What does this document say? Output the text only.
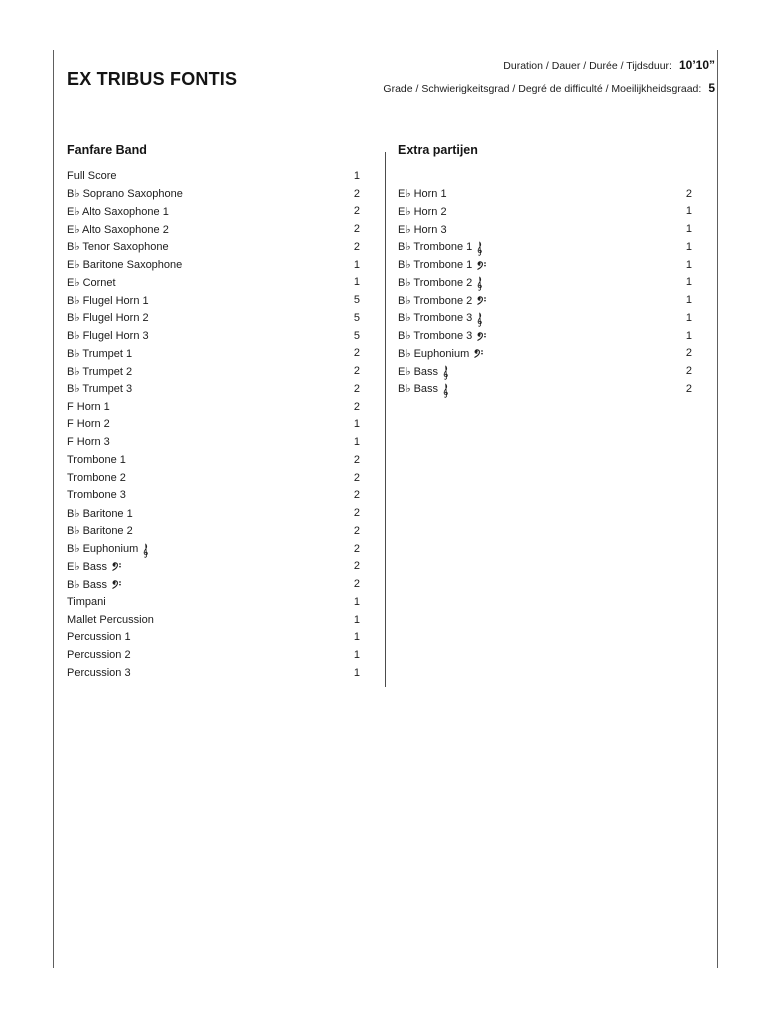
EX TRIBUS FONTIS
Duration / Dauer / Durée / Tijdsduur: 10’10”
Grade / Schwierigkeitsgrad / Degré de difficulté / Moeilijkheidsgraad: 5
Fanfare Band
Full Score	1
B♭ Soprano Saxophone	2
E♭ Alto Saxophone 1	2
E♭ Alto Saxophone 2	2
B♭ Tenor Saxophone	2
E♭ Baritone Saxophone	1
E♭ Cornet	1
B♭ Flugel Horn 1	5
B♭ Flugel Horn 2	5
B♭ Flugel Horn 3	5
B♭ Trumpet 1	2
B♭ Trumpet 2	2
B♭ Trumpet 3	2
F Horn 1	2
F Horn 2	1
F Horn 3	1
Trombone 1	2
Trombone 2	2
Trombone 3	2
B♭ Baritone 1	2
B♭ Baritone 2	2
B♭ Euphonium	2
E♭ Bass	2
B♭ Bass	2
Timpani	1
Mallet Percussion	1
Percussion 1	1
Percussion 2	1
Percussion 3	1
Extra partijen
E♭ Horn 1	2
E♭ Horn 2	1
E♭ Horn 3	1
B♭ Trombone 1	1
B♭ Trombone 1	1
B♭ Trombone 2	1
B♭ Trombone 2	1
B♭ Trombone 3	1
B♭ Trombone 3	1
B♭ Euphonium	2
E♭ Bass	2
B♭ Bass	2
